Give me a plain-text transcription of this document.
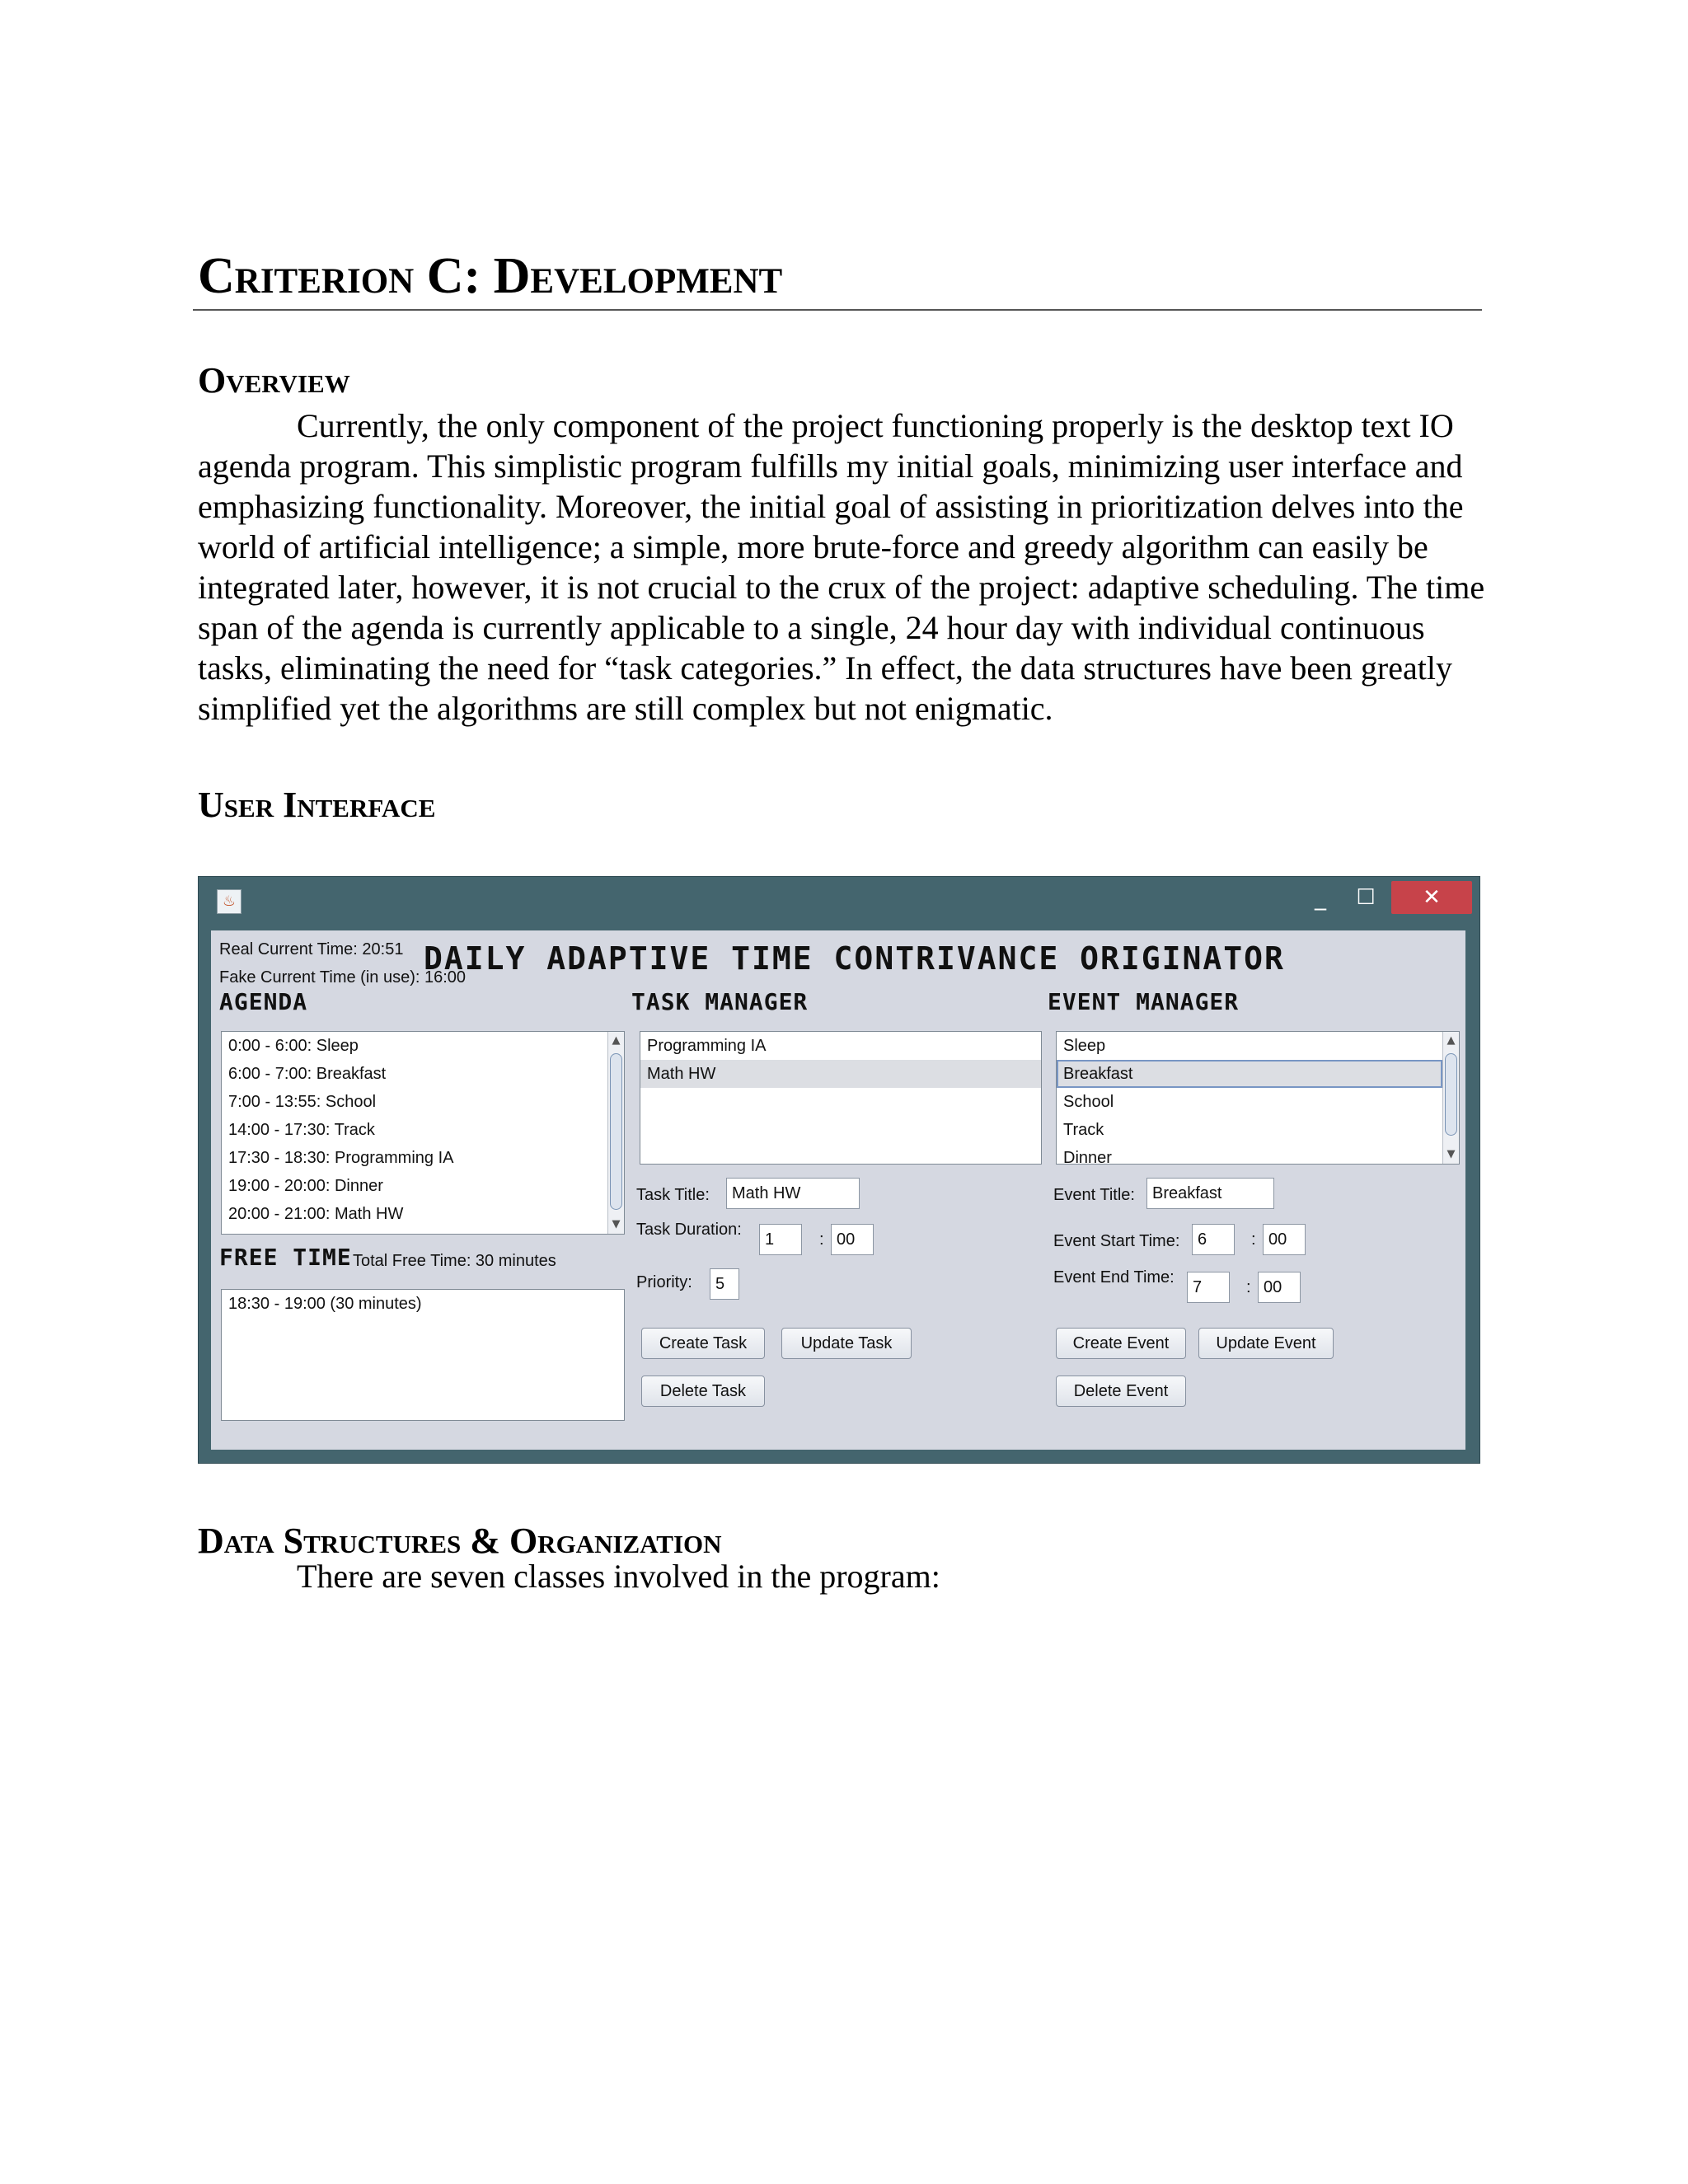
Criterion C: Development
Overview

Currently, the only component of the project functioning properly is the desktop text IO agenda program. This simplistic program fulfills my initial goals, minimizing user interface and emphasizing functionality. Moreover, the initial goal of assisting in prioritization delves into the world of artificial intelligence; a simple, more brute-force and greedy algorithm can easily be integrated later, however, it is not crucial to the crux of the project: adaptive scheduling. The time span of the agenda is currently applicable to a single, 24 hour day with individual continuous tasks, eliminating the need for “task categories.” In effect, the data structures have been greatly simplified yet the algorithms are still complex but not enigmatic.

User Interface
♨	_	☐	✕
Real Current Time: 20:51 DAILY ADAPTIVE TIME CONTRIVANCE ORIGINATOR
Fake Current Time (in use): 16:00
AGENDA
0:00 - 6:00: Sleep
6:00 - 7:00: Breakfast
7:00 - 13:55: School
14:00 - 17:30: Track
17:30 - 18:30: Programming IA
19:00 - 20:00: Dinner
20:00 - 21:00: Math HW
▲
▼
FREE TIME Total Free Time: 30 minutes
18:30 - 19:00 (30 minutes)
TASK MANAGER
Programming IA
Math HW
Task Title:	Math HW
Task Duration:
1	: 00
Priority:	5
Create Task	Update Task
Delete Task
EVENT MANAGER
Sleep
Breakfast
School
Track
Dinner
▲
▼
Event Title:	Breakfast
Event Start Time:	6	: 00
Event End Time:
7	: 00
Create Event	Update Event
Delete Event
Data Structures & Organization

There are seven classes involved in the program:
